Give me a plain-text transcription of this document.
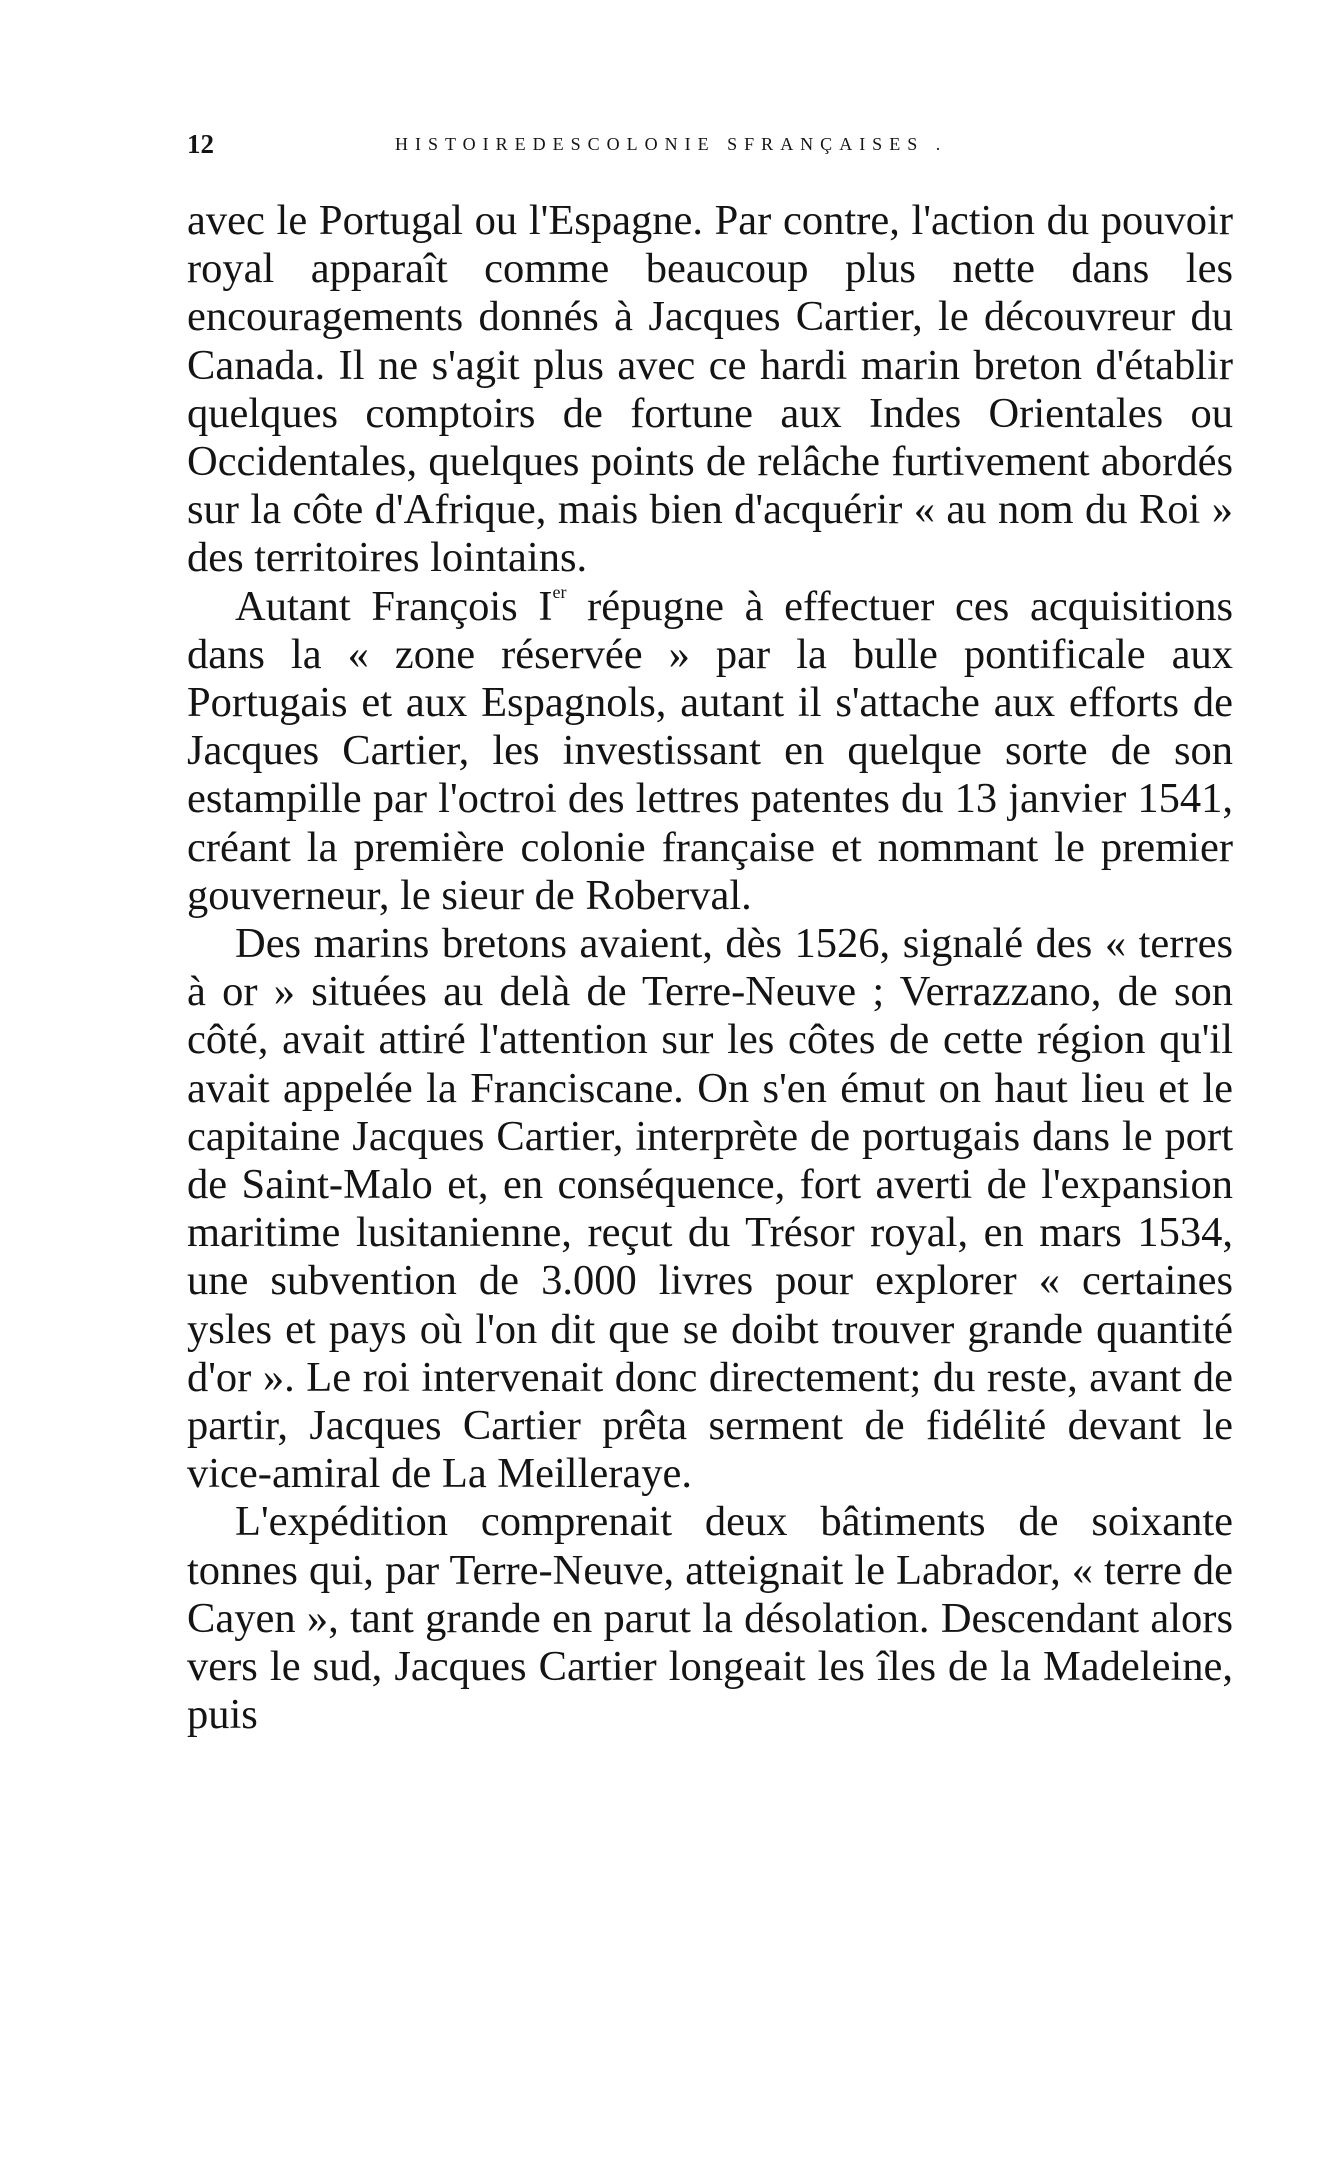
12	HISTOIREDESCOLONIE SFRANÇAISES .

avec le Portugal ou l'Espagne. Par contre, l'action du pouvoir royal apparaît comme beaucoup plus nette dans les encouragements donnés à Jacques Cartier, le découvreur du Canada. Il ne s'agit plus avec ce hardi marin breton d'établir quelques comptoirs de fortune aux Indes Orientales ou Occidentales, quelques points de relâche furtivement abordés sur la côte d'Afrique, mais bien d'acquérir « au nom du Roi » des territoires lointains.

Autant François Ier répugne à effectuer ces acquisitions dans la « zone réservée » par la bulle pontificale aux Portugais et aux Espagnols, autant il s'attache aux efforts de Jacques Cartier, les investissant en quelque sorte de son estampille par l'octroi des lettres patentes du 13 janvier 1541, créant la première colonie française et nommant le premier gouverneur, le sieur de Roberval.

Des marins bretons avaient, dès 1526, signalé des « terres à or » situées au delà de Terre-Neuve ; Verrazzano, de son côté, avait attiré l'attention sur les côtes de cette région qu'il avait appelée la Franciscane. On s'en émut on haut lieu et le capitaine Jacques Cartier, interprète de portugais dans le port de Saint-Malo et, en conséquence, fort averti de l'expansion maritime lusitanienne, reçut du Trésor royal, en mars 1534, une subvention de 3.000 livres pour explorer « certaines ysles et pays où l'on dit que se doibt trouver grande quantité d'or ». Le roi intervenait donc directement; du reste, avant de partir, Jacques Cartier prêta serment de fidélité devant le vice-amiral de La Meilleraye.

L'expédition comprenait deux bâtiments de soixante tonnes qui, par Terre-Neuve, atteignait le Labrador, « terre de Cayen », tant grande en parut la désolation. Descendant alors vers le sud, Jacques Cartier longeait les îles de la Madeleine, puis
